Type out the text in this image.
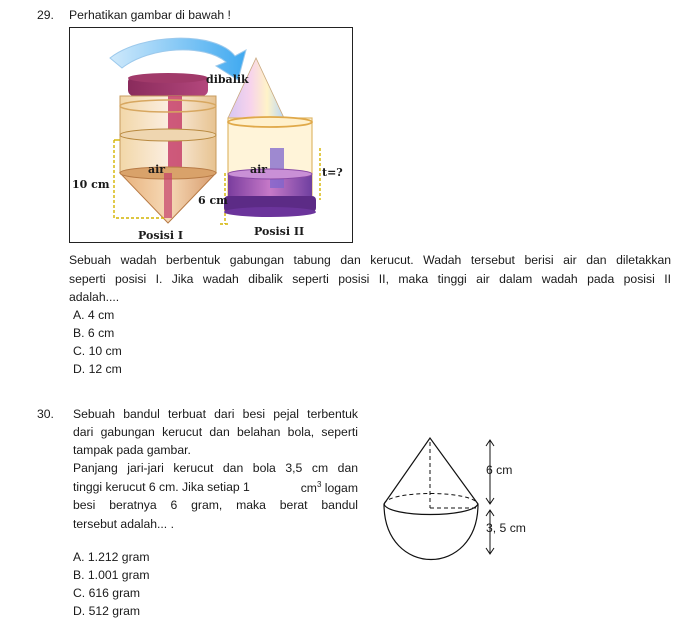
29. Perhatikan gambar di bawah !
dibalik
air	air
10 cm
6 cm
t=?
Posisi I	Posisi II
Sebuah wadah berbentuk gabungan tabung dan kerucut. Wadah tersebut berisi air dan diletakkan
seperti posisi I. Jika wadah dibalik seperti posisi II, maka tinggi air dalam wadah pada posisi II
adalah....
A. 4 cm
B. 6 cm
C. 10 cm
D. 12 cm
30. Sebuah bandul terbuat dari besi pejal terbentuk
dari gabungan kerucut dan belahan bola, seperti
tampak pada gambar.
Panjang jari-jari kerucut dan bola 3,5 cm dan
tinggi kerucut 6 cm. Jika setiap 1	$cm^3$ logam
besi beratnya 6 gram, maka berat bandul
tersebut adalah... .
6 cm
3, 5 cm
A. 1.212 gram
B. 1.001 gram
C. 616 gram
D. 512 gram
